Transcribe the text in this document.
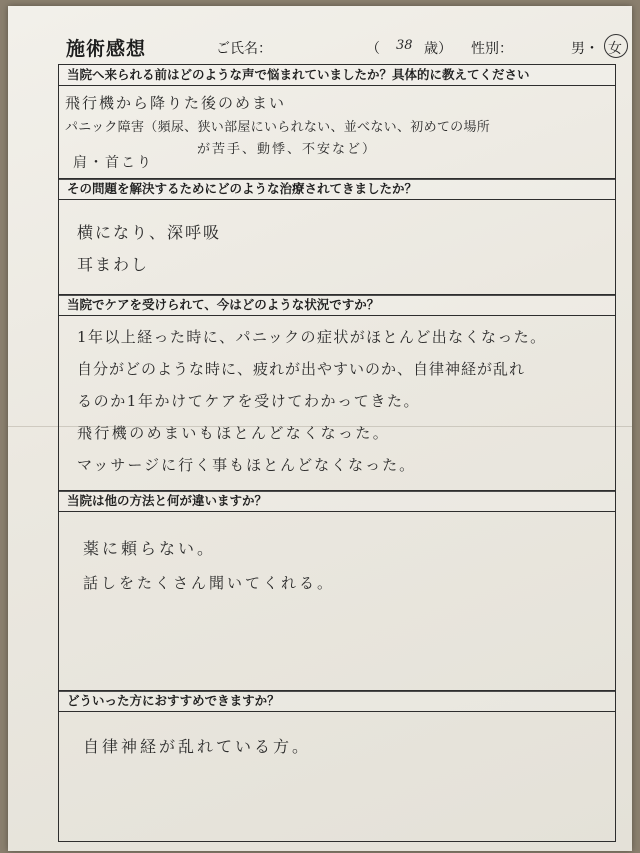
施術感想	ご氏名：	（ 38 歳） 性別：	男・ 女
当院へ来られる前はどのような声で悩まれていましたか？具体的に教えてください
飛行機から降りた後のめまい
パニック障害（頻尿、狭い部屋にいられない、並べない、初めての場所
が苦手、動悸、不安など）
肩・首こり
その問題を解決するためにどのような治療されてきましたか？
横になり、深呼吸
耳まわし
当院でケアを受けられて、今はどのような状況ですか？
1年以上経った時に、パニックの症状がほとんど出なくなった。
自分がどのような時に、疲れが出やすいのか、自律神経が乱れ
るのか1年かけてケアを受けてわかってきた。
飛行機のめまいもほとんどなくなった。
マッサージに行く事もほとんどなくなった。
当院は他の方法と何が違いますか？
薬に頼らない。
話しをたくさん聞いてくれる。
どういった方におすすめできますか？
自律神経が乱れている方。
